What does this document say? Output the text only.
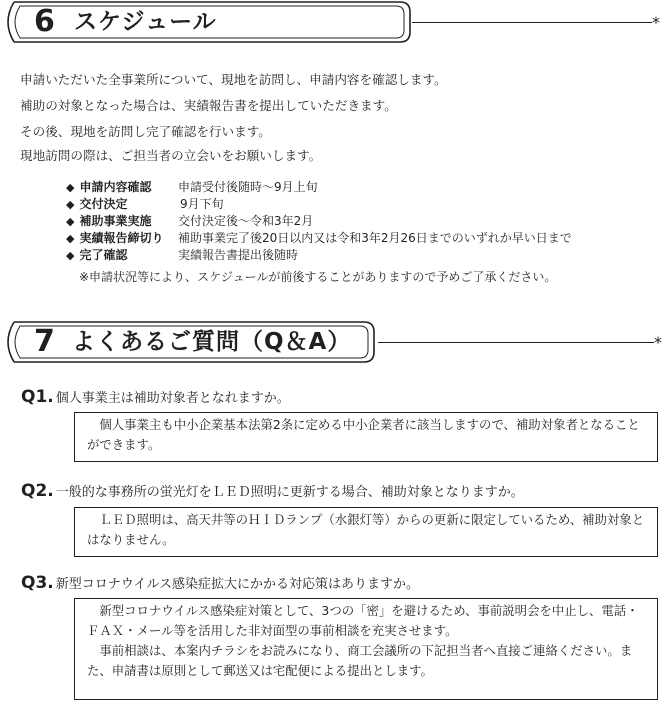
6 スケジュール	*
申請いただいた全事業所について、現地を訪問し、申請内容を確認します。
補助の対象となった場合は、実績報告書を提出していただきます。
その後、現地を訪問し完了確認を行います。
現地訪問の際は、ご担当者の立会いをお願いします。
◆ 申請内容確認 申請受付後随時～9月上旬
◆ 交付決定	9月下旬
◆ 補助事業実施 交付決定後～令和3年2月
◆ 実績報告締切り 補助事業完了後20日以内又は令和3年2月26日までのいずれか早い日まで
◆ 完了確認	実績報告書提出後随時
※申請状況等により、スケジュールが前後することがありますので予めご了承ください。
7 よくあるご質問（Q＆A）	*
Q1. 個人事業主は補助対象者となれますか。

　個人事業主も中小企業基本法第2条に定める中小企業者に該当しますので、補助対象者となることができます。

Q2. 一般的な事務所の蛍光灯をＬＥＤ照明に更新する場合、補助対象となりますか。

　ＬＥＤ照明は、高天井等のＨＩＤランプ（水銀灯等）からの更新に限定しているため、補助対象とはなりません。

Q3. 新型コロナウイルス感染症拡大にかかる対応策はありますか。

　新型コロナウイルス感染症対策として、3つの「密」を避けるため、事前説明会を中止し、電話・ＦＡＸ・メール等を活用した非対面型の事前相談を充実させます。

　事前相談は、本案内チラシをお読みになり、商工会議所の下記担当者へ直接ご連絡ください。また、申請書は原則として郵送又は宅配便による提出とします。
